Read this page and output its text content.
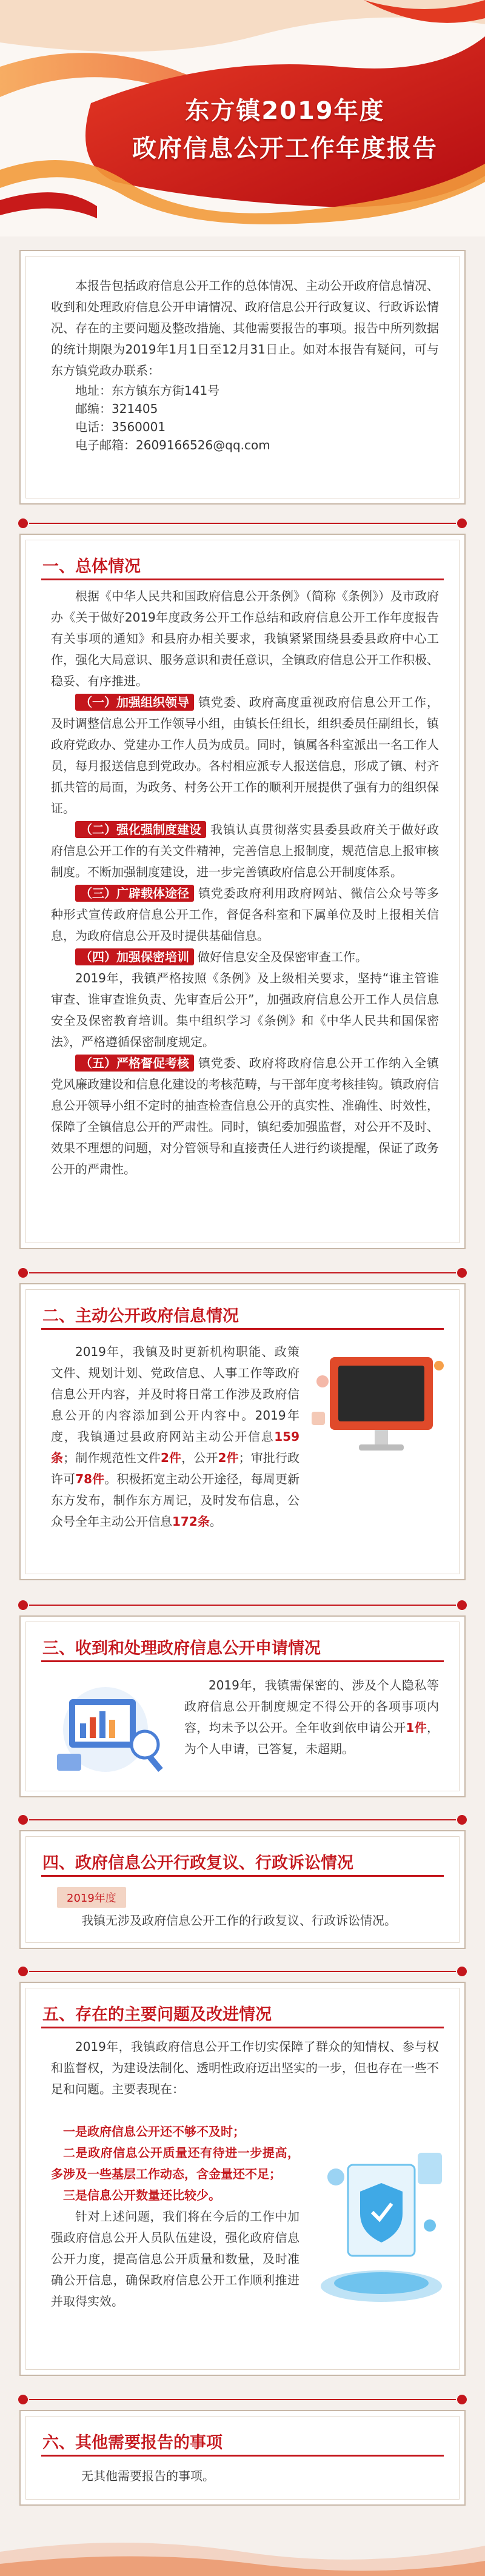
东方镇2019年度
政府信息公开工作年度报告

本报告包括政府信息公开工作的总体情况、主动公开政府信息情况、收到和处理政府信息公开申请情况、政府信息公开行政复议、行政诉讼情况、存在的主要问题及整改措施、其他需要报告的事项。报告中所列数据的统计期限为2019年1月1日至12月31日止。如对本报告有疑问，可与东方镇党政办联系：

地址：东方镇东方街141号
邮编：321405
电话：3560001
电子邮箱：2609166526@qq.com
一、总体情况

根据《中华人民共和国政府信息公开条例》（简称《条例》）及市政府办《关于做好2019年度政务公开工作总结和政府信息公开工作年度报告有关事项的通知》和县府办相关要求，我镇紧紧围绕县委县政府中心工作，强化大局意识、服务意识和责任意识，全镇政府信息公开工作积极、稳妥、有序推进。

（一）加强组织领导 镇党委、政府高度重视政府信息公开工作，及时调整信息公开工作领导小组，由镇长任组长，组织委员任副组长，镇政府党政办、党建办工作人员为成员。同时，镇属各科室派出一名工作人员，每月报送信息到党政办。各村相应派专人报送信息，形成了镇、村齐抓共管的局面，为政务、村务公开工作的顺利开展提供了强有力的组织保证。

（二）强化强制度建设 我镇认真贯彻落实县委县政府关于做好政府信息公开工作的有关文件精神，完善信息上报制度，规范信息上报审核制度。不断加强制度建设，进一步完善镇政府信息公开制度体系。

（三）广辟载体途径 镇党委政府利用政府网站、微信公众号等多种形式宣传政府信息公开工作，督促各科室和下属单位及时上报相关信息，为政府信息公开及时提供基础信息。

（四）加强保密培训 做好信息安全及保密审查工作。

2019年，我镇严格按照《条例》及上级相关要求，坚持“谁主管谁审查、谁审查谁负责、先审查后公开”，加强政府信息公开工作人员信息安全及保密教育培训。集中组织学习《条例》和《中华人民共和国保密法》，严格遵循保密制度规定。

（五）严格督促考核 镇党委、政府将政府信息公开工作纳入全镇党风廉政建设和信息化建设的考核范畴，与干部年度考核挂钩。镇政府信息公开领导小组不定时的抽查检查信息公开的真实性、准确性、时效性，保障了全镇信息公开的严肃性。同时，镇纪委加强监督，对公开不及时、效果不理想的问题，对分管领导和直接责任人进行约谈提醒，保证了政务公开的严肃性。

二、主动公开政府信息情况

2019年，我镇及时更新机构职能、政策文件、规划计划、党政信息、人事工作等政府信息公开内容，并及时将日常工作涉及政府信息公开的内容添加到公开内容中。2019年度，我镇通过县政府网站主动公开信息159条；制作规范性文件2件，公开2件；审批行政许可78件。积极拓宽主动公开途径，每周更新东方发布，制作东方周记，及时发布信息，公众号全年主动公开信息172条。

三、收到和处理政府信息公开申请情况

2019年，我镇需保密的、涉及个人隐私等政府信息公开制度规定不得公开的各项事项内容，均未予以公开。全年收到依申请公开1件，为个人申请，已答复，未超期。

四、政府信息公开行政复议、行政诉讼情况
2019年度
我镇无涉及政府信息公开工作的行政复议、行政诉讼情况。
五、存在的主要问题及改进情况

2019年，我镇政府信息公开工作切实保障了群众的知情权、参与权和监督权，为建设法制化、透明性政府迈出坚实的一步，但也存在一些不足和问题。主要表现在：

一是政府信息公开还不够不及时；
二是政府信息公开质量还有待进一步提高，多涉及一些基层工作动态，含金量还不足；
三是信息公开数量还比较少。

针对上述问题，我们将在今后的工作中加强政府信息公开人员队伍建设，强化政府信息公开力度，提高信息公开质量和数量，及时准确公开信息，确保政府信息公开工作顺利推进并取得实效。

六、其他需要报告的事项
无其他需要报告的事项。
